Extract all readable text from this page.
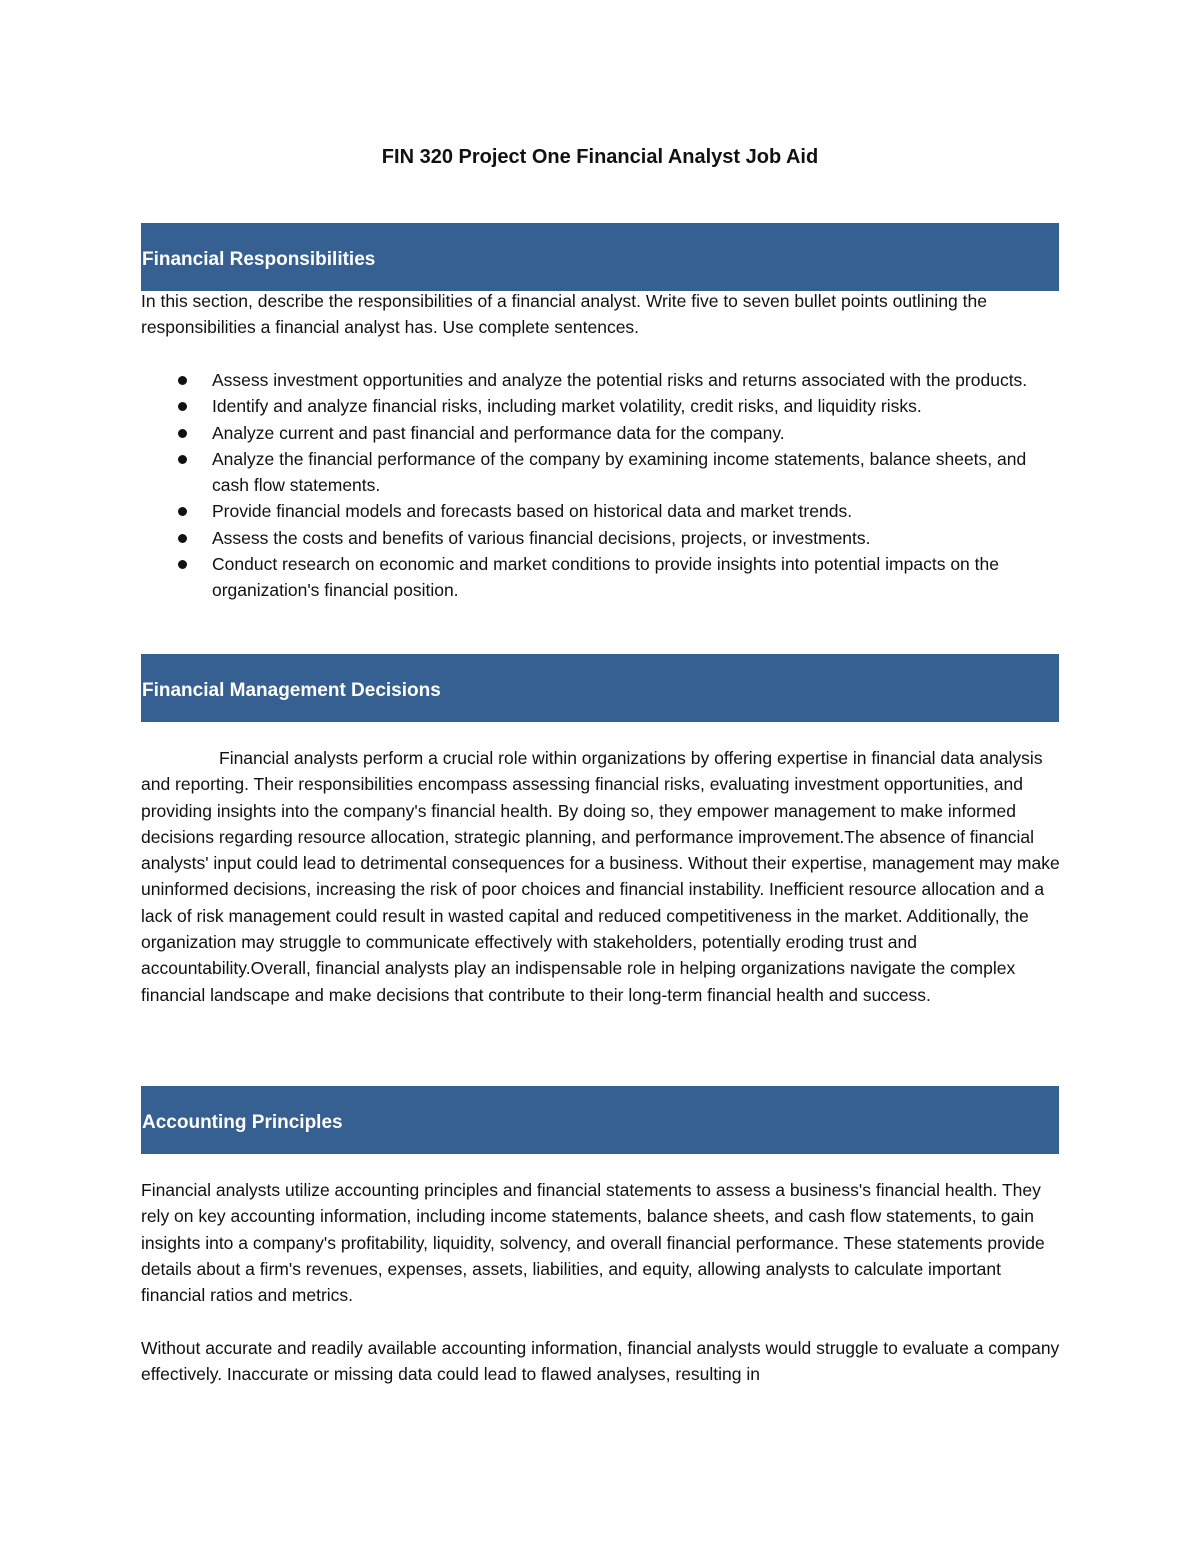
FIN 320 Project One Financial Analyst Job Aid
Financial Responsibilities
In this section, describe the responsibilities of a financial analyst. Write five to seven bullet points outlining the responsibilities a financial analyst has. Use complete sentences.
Assess investment opportunities and analyze the potential risks and returns associated with the products.
Identify and analyze financial risks, including market volatility, credit risks, and liquidity risks.
Analyze current and past financial and performance data for the company.
Analyze the financial performance of the company by examining income statements, balance sheets, and cash flow statements.
Provide financial models and forecasts based on historical data and market trends.
Assess the costs and benefits of various financial decisions, projects, or investments.
Conduct research on economic and market conditions to provide insights into potential impacts on the organization's financial position.
Financial Management Decisions
Financial analysts perform a crucial role within organizations by offering expertise in financial data analysis and reporting. Their responsibilities encompass assessing financial risks, evaluating investment opportunities, and providing insights into the company's financial health. By doing so, they empower management to make informed decisions regarding resource allocation, strategic planning, and performance improvement.The absence of financial analysts' input could lead to detrimental consequences for a business. Without their expertise, management may make uninformed decisions, increasing the risk of poor choices and financial instability. Inefficient resource allocation and a lack of risk management could result in wasted capital and reduced competitiveness in the market. Additionally, the organization may struggle to communicate effectively with stakeholders, potentially eroding trust and accountability.Overall, financial analysts play an indispensable role in helping organizations navigate the complex financial landscape and make decisions that contribute to their long-term financial health and success.
Accounting Principles
Financial analysts utilize accounting principles and financial statements to assess a business's financial health. They rely on key accounting information, including income statements, balance sheets, and cash flow statements, to gain insights into a company's profitability, liquidity, solvency, and overall financial performance. These statements provide details about a firm's revenues, expenses, assets, liabilities, and equity, allowing analysts to calculate important financial ratios and metrics.
Without accurate and readily available accounting information, financial analysts would struggle to evaluate a company effectively. Inaccurate or missing data could lead to flawed analyses, resulting in
